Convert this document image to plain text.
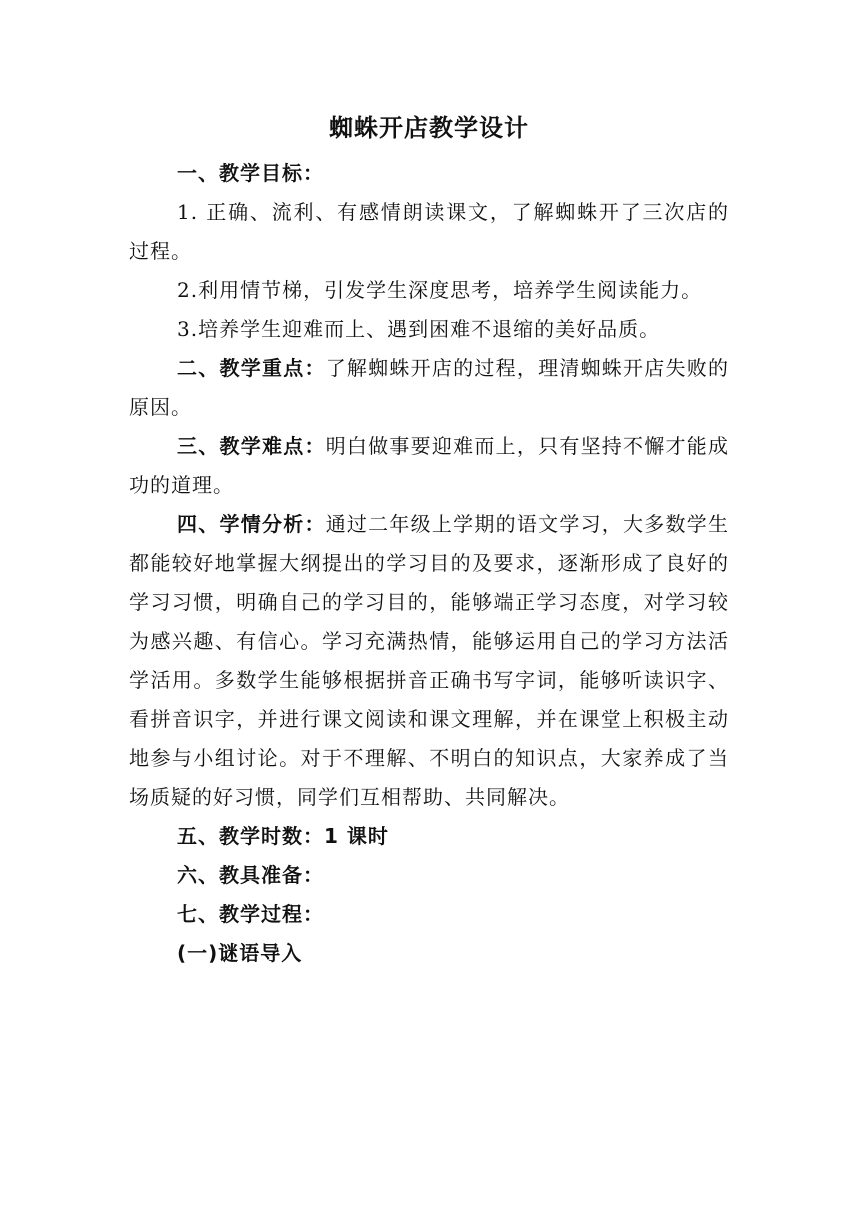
蜘蛛开店教学设计

一、教学目标：

1. 正确、流利、有感情朗读课文，了解蜘蛛开了三次店的过程。

2.利用情节梯，引发学生深度思考，培养学生阅读能力。

3.培养学生迎难而上、遇到困难不退缩的美好品质。

二、教学重点：了解蜘蛛开店的过程，理清蜘蛛开店失败的原因。

三、教学难点：明白做事要迎难而上，只有坚持不懈才能成功的道理。

四、学情分析：通过二年级上学期的语文学习，大多数学生都能较好地掌握大纲提出的学习目的及要求，逐渐形成了良好的学习习惯，明确自己的学习目的，能够端正学习态度，对学习较为感兴趣、有信心。学习充满热情，能够运用自己的学习方法活学活用。多数学生能够根据拼音正确书写字词，能够听读识字、看拼音识字，并进行课文阅读和课文理解，并在课堂上积极主动地参与小组讨论。对于不理解、不明白的知识点，大家养成了当场质疑的好习惯，同学们互相帮助、共同解决。

五、教学时数：1 课时

六、教具准备：

七、教学过程：

(一)谜语导入
